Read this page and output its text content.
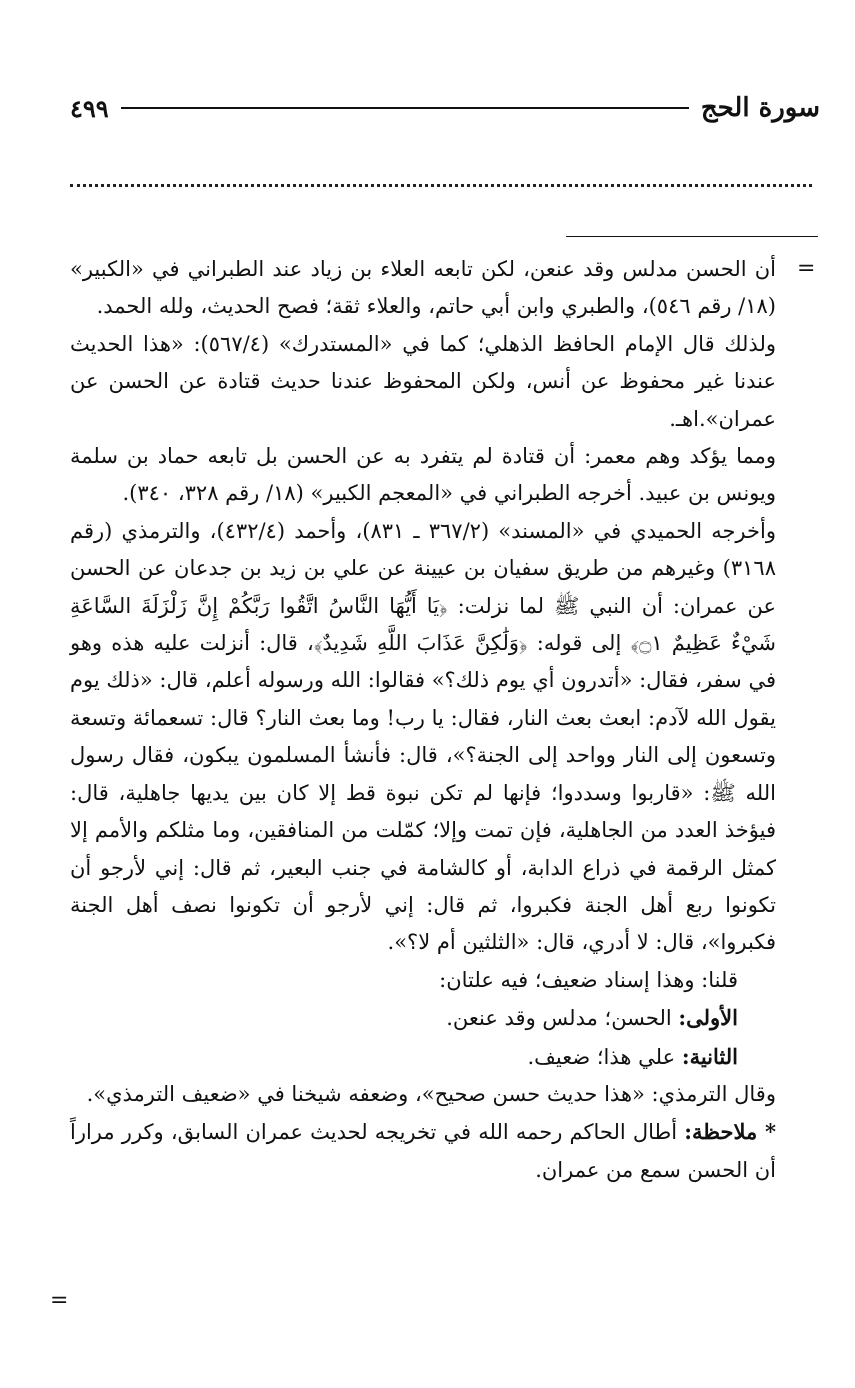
سورة الحج
٤٩٩
=

أن الحسن مدلس وقد عنعن، لكن تابعه العلاء بن زياد عند الطبراني في «الكبير» (١٨/ رقم ٥٤٦)، والطبري وابن أبي حاتم، والعلاء ثقة؛ فصح الحديث، ولله الحمد.

ولذلك قال الإمام الحافظ الذهلي؛ كما في «المستدرك» (٥٦٧/٤): «هذا الحديث عندنا غير محفوظ عن أنس، ولكن المحفوظ عندنا حديث قتادة عن الحسن عن عمران».اهـ.

ومما يؤكد وهم معمر: أن قتادة لم يتفرد به عن الحسن بل تابعه حماد بن سلمة ويونس بن عبيد. أخرجه الطبراني في «المعجم الكبير» (١٨/ رقم ٣٢٨، ٣٤٠).

وأخرجه الحميدي في «المسند» (٣٦٧/٢ ـ ٨٣١)، وأحمد (٤٣٢/٤)، والترمذي (رقم ٣١٦٨) وغيرهم من طريق سفيان بن عيينة عن علي بن زيد بن جدعان عن الحسن عن عمران: أن النبي ﷺ لما نزلت: ﴿يَا أَيُّهَا النَّاسُ اتَّقُوا رَبَّكُمْ إِنَّ زَلْزَلَةَ السَّاعَةِ شَيْءٌ عَظِيمٌ ۝١﴾ إلى قوله: ﴿وَلَٰكِنَّ عَذَابَ اللَّهِ شَدِيدٌ﴾، قال: أنزلت عليه هذه وهو في سفر، فقال: «أتدرون أي يوم ذلك؟» فقالوا: الله ورسوله أعلم، قال: «ذلك يوم يقول الله لآدم: ابعث بعث النار، فقال: يا رب! وما بعث النار؟ قال: تسعمائة وتسعة وتسعون إلى النار وواحد إلى الجنة؟»، قال: فأنشأ المسلمون يبكون، فقال رسول الله ﷺ: «قاربوا وسددوا؛ فإنها لم تكن نبوة قط إلا كان بين يديها جاهلية، قال: فيؤخذ العدد من الجاهلية، فإن تمت وإلا؛ كمّلت من المنافقين، وما مثلكم والأمم إلا كمثل الرقمة في ذراع الدابة، أو كالشامة في جنب البعير، ثم قال: إني لأرجو أن تكونوا ربع أهل الجنة فكبروا، ثم قال: إني لأرجو أن تكونوا نصف أهل الجنة فكبروا»، قال: لا أدري، قال: «الثلثين أم لا؟».

قلنا: وهذا إسناد ضعيف؛ فيه علتان:

الأولى: الحسن؛ مدلس وقد عنعن.

الثانية: علي هذا؛ ضعيف.

وقال الترمذي: «هذا حديث حسن صحيح»، وضعفه شيخنا في «ضعيف الترمذي».

* ملاحظة: أطال الحاكم رحمه الله في تخريجه لحديث عمران السابق، وكرر مراراً أن الحسن سمع من عمران.

=
